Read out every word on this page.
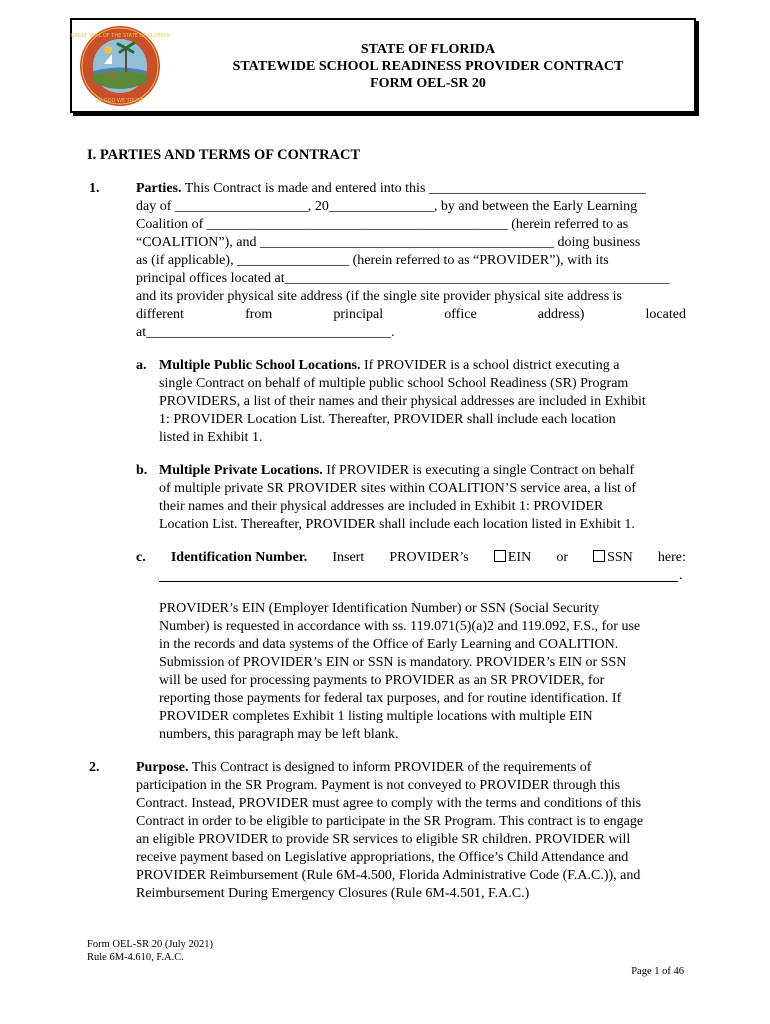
GREAT SEAL OF THE STATE OF FLORIDA
IN GOD WE TRUST
STATE OF FLORIDA
STATEWIDE SCHOOL READINESS PROVIDER CONTRACT
FORM OEL-SR 20
I. PARTIES AND TERMS OF CONTRACT
1.	Parties. This Contract is made and entered into this _______________________________
day of ___________________, 20_______________, by and between the Early Learning
Coalition of ___________________________________________ (herein referred to as
“COALITION”), and __________________________________________ doing business
as (if applicable), ________________ (herein referred to as “PROVIDER”), with its
principal offices located at_______________________________________________________
and its provider physical site address (if the single site provider physical site address is
different	from	principal	office	address)	located
at___________________________________.
a. Multiple Public School Locations. If PROVIDER is a school district executing a
single Contract on behalf of multiple public school School Readiness (SR) Program
PROVIDERS, a list of their names and their physical addresses are included in Exhibit
1: PROVIDER Location List. Thereafter, PROVIDER shall include each location
listed in Exhibit 1.
b. Multiple Private Locations. If PROVIDER is executing a single Contract on behalf
of multiple private SR PROVIDER sites within COALITION’S service area, a list of
their names and their physical addresses are included in Exhibit 1: PROVIDER
Location List. Thereafter, PROVIDER shall include each location listed in Exhibit 1.
c. Identification Number. Insert PROVIDER’s	EIN or	SSN here:
.
PROVIDER’s EIN (Employer Identification Number) or SSN (Social Security
Number) is requested in accordance with ss. 119.071(5)(a)2 and 119.092, F.S., for use
in the records and data systems of the Office of Early Learning and COALITION.
Submission of PROVIDER’s EIN or SSN is mandatory. PROVIDER’s EIN or SSN
will be used for processing payments to PROVIDER as an SR PROVIDER, for
reporting those payments for federal tax purposes, and for routine identification. If
PROVIDER completes Exhibit 1 listing multiple locations with multiple EIN
numbers, this paragraph may be left blank.
2.	Purpose. This Contract is designed to inform PROVIDER of the requirements of
participation in the SR Program. Payment is not conveyed to PROVIDER through this
Contract. Instead, PROVIDER must agree to comply with the terms and conditions of this
Contract in order to be eligible to participate in the SR Program. This contract is to engage
an eligible PROVIDER to provide SR services to eligible SR children. PROVIDER will
receive payment based on Legislative appropriations, the Office’s Child Attendance and
PROVIDER Reimbursement (Rule 6M-4.500, Florida Administrative Code (F.A.C.)), and
Reimbursement During Emergency Closures (Rule 6M-4.501, F.A.C.)
Form OEL-SR 20 (July 2021)
Rule 6M-4.610, F.A.C.
Page 1 of 46
